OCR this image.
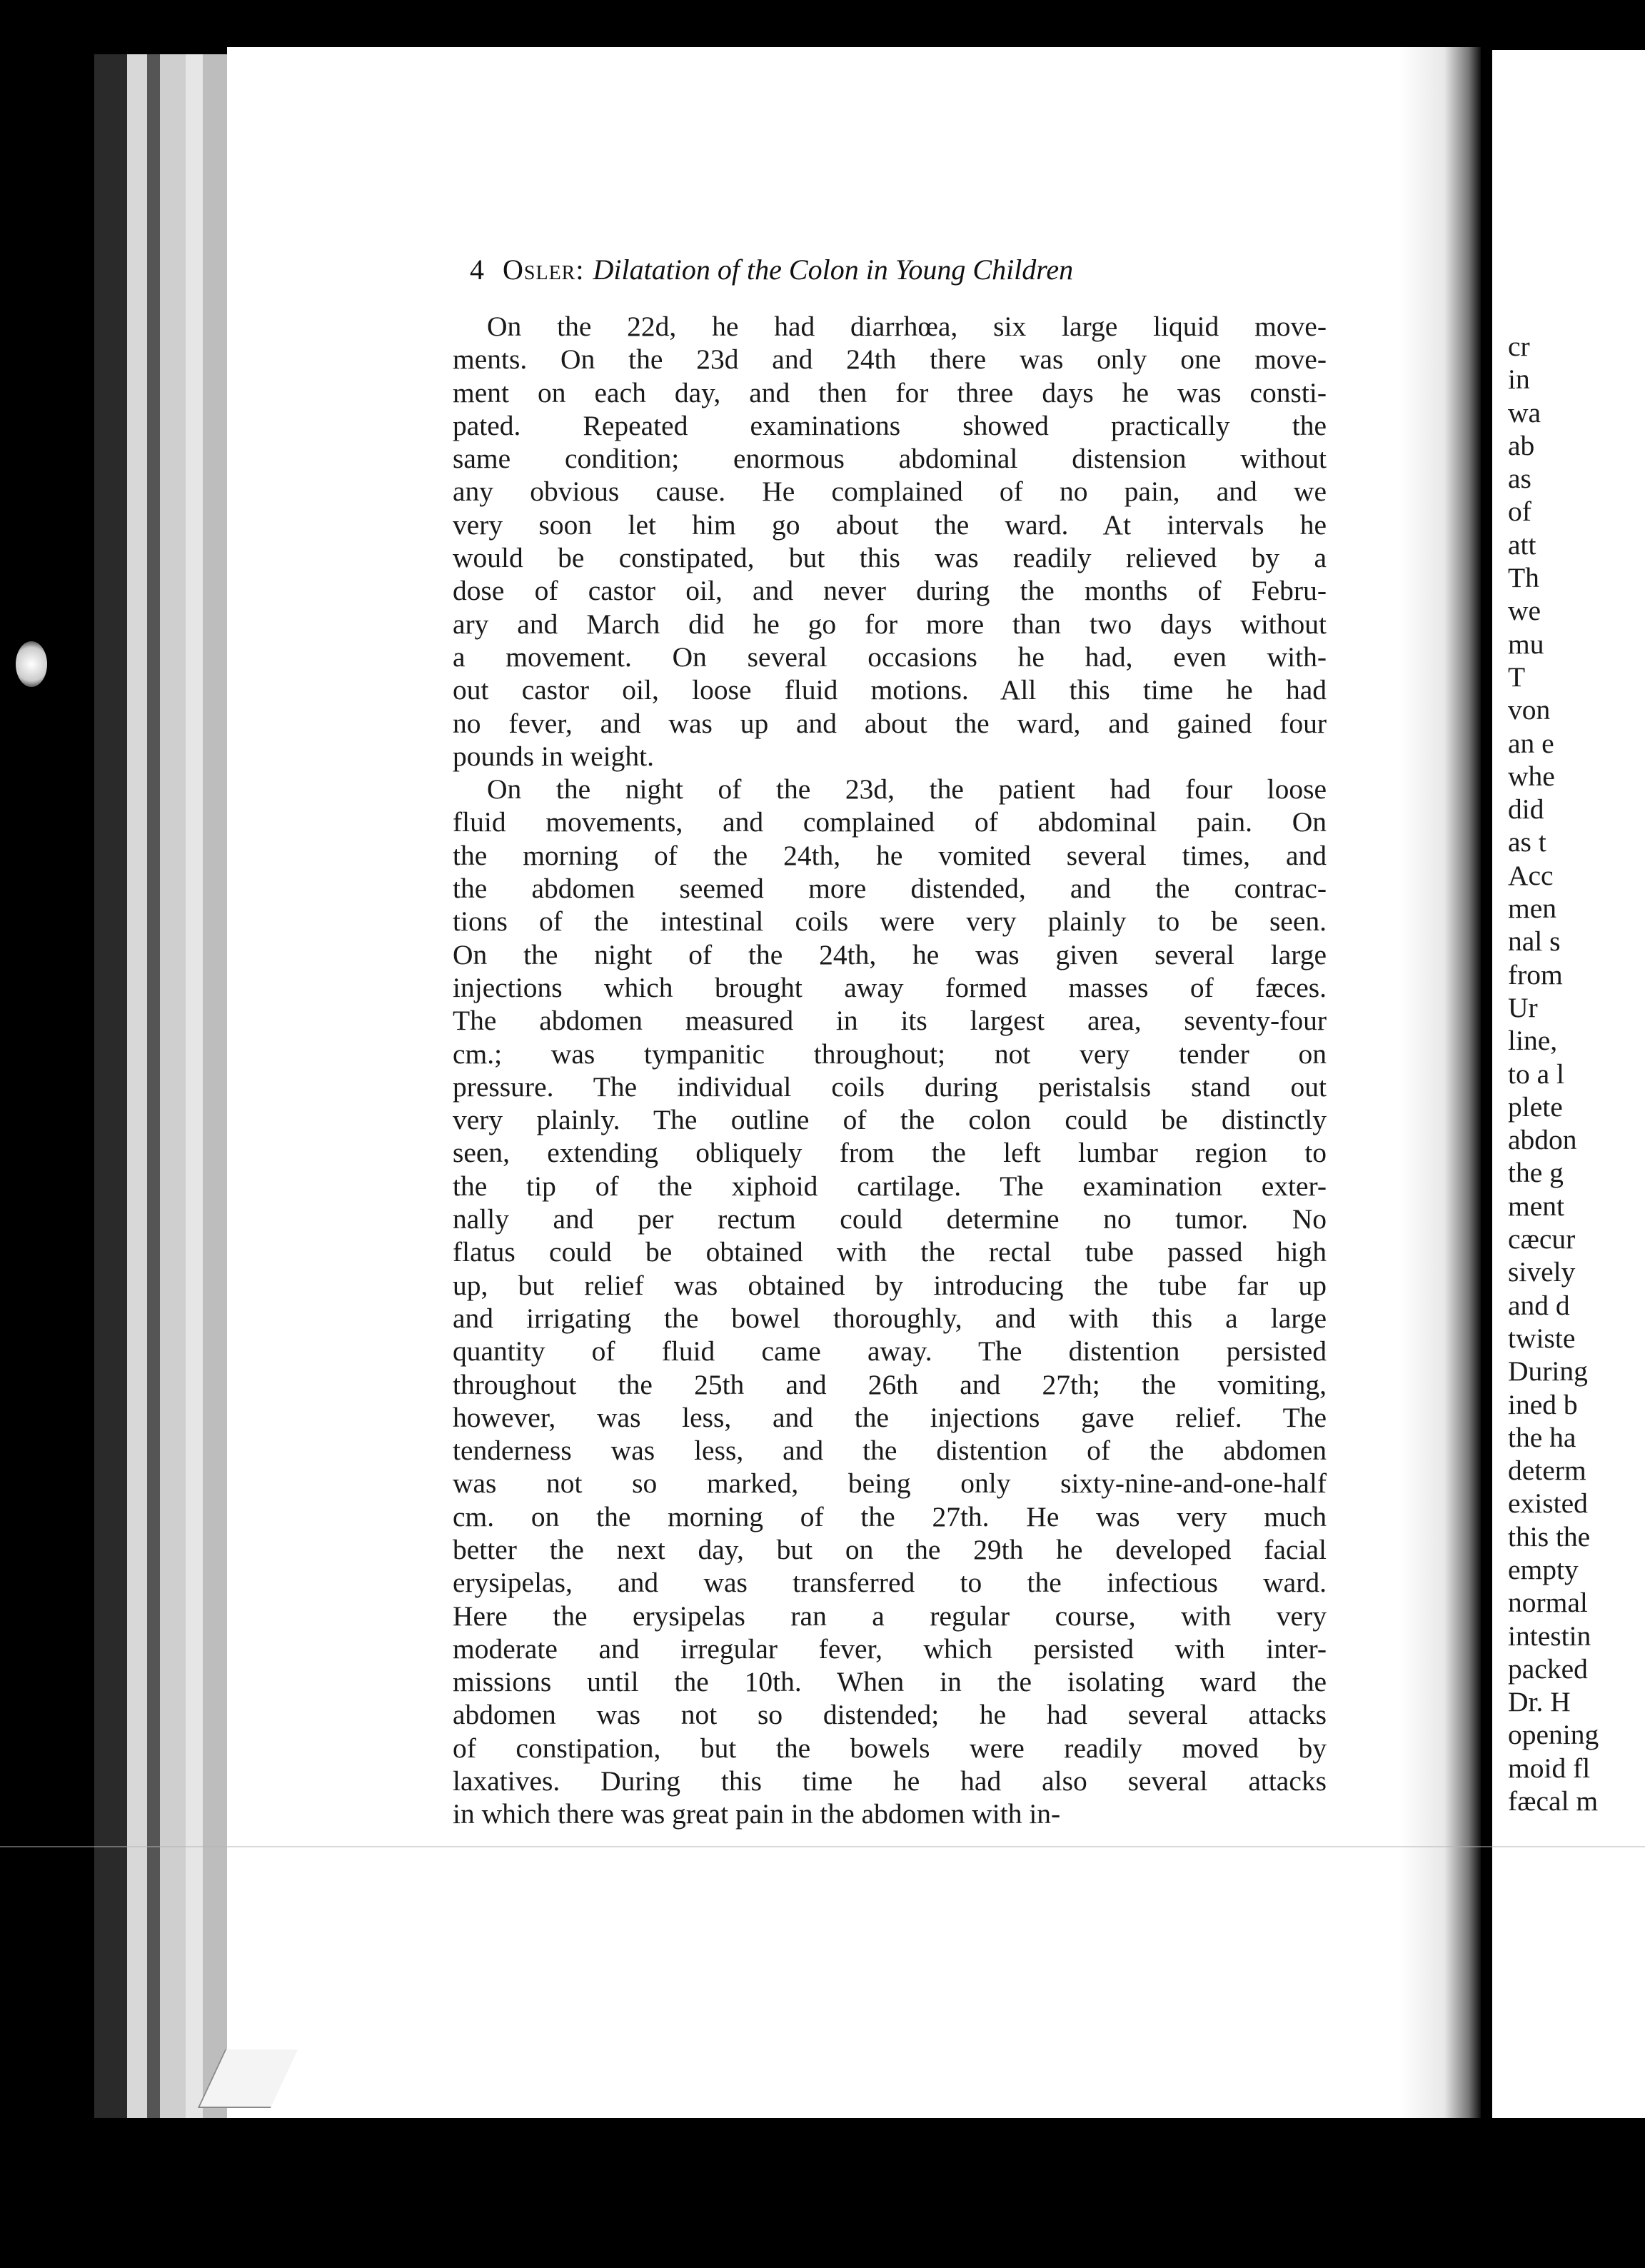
4 Osler: Dilatation of the Colon in Young Children
On the 22d, he had diarrhœa, six large liquid move-
ments. On the 23d and 24th there was only one move-
ment on each day, and then for three days he was consti-
pated. Repeated examinations showed practically the
same condition; enormous abdominal distension without
any obvious cause. He complained of no pain, and we
very soon let him go about the ward. At intervals he
would be constipated, but this was readily relieved by a
dose of castor oil, and never during the months of Febru-
ary and March did he go for more than two days without
a movement. On several occasions he had, even with-
out castor oil, loose fluid motions. All this time he had
no fever, and was up and about the ward, and gained four
pounds in weight.
On the night of the 23d, the patient had four loose
fluid movements, and complained of abdominal pain. On
the morning of the 24th, he vomited several times, and
the abdomen seemed more distended, and the contrac-
tions of the intestinal coils were very plainly to be seen.
On the night of the 24th, he was given several large
injections which brought away formed masses of fæces.
The abdomen measured in its largest area, seventy-four
cm.; was tympanitic throughout; not very tender on
pressure. The individual coils during peristalsis stand out
very plainly. The outline of the colon could be distinctly
seen, extending obliquely from the left lumbar region to
the tip of the xiphoid cartilage. The examination exter-
nally and per rectum could determine no tumor. No
flatus could be obtained with the rectal tube passed high
up, but relief was obtained by introducing the tube far up
and irrigating the bowel thoroughly, and with this a large
quantity of fluid came away. The distention persisted
throughout the 25th and 26th and 27th; the vomiting,
however, was less, and the injections gave relief. The
tenderness was less, and the distention of the abdomen
was not so marked, being only sixty-nine-and-one-half
cm. on the morning of the 27th. He was very much
better the next day, but on the 29th he developed facial
erysipelas, and was transferred to the infectious ward.
Here the erysipelas ran a regular course, with very
moderate and irregular fever, which persisted with inter-
missions until the 10th. When in the isolating ward the
abdomen was not so distended; he had several attacks
of constipation, but the bowels were readily moved by
laxatives. During this time he had also several attacks
in which there was great pain in the abdomen with in-
cr
in
wa
ab
as
of
att
Th
we
mu
T
von
an e
whe
did
as t
Acc
men
nal s
from
Ur
line,
to a l
plete
abdon
the g
ment
cæcur
sively
and d
twiste
During
ined b
the ha
determ
existed
this the
empty
normal
intestin
packed
Dr. H
opening
moid fl
fæcal m
